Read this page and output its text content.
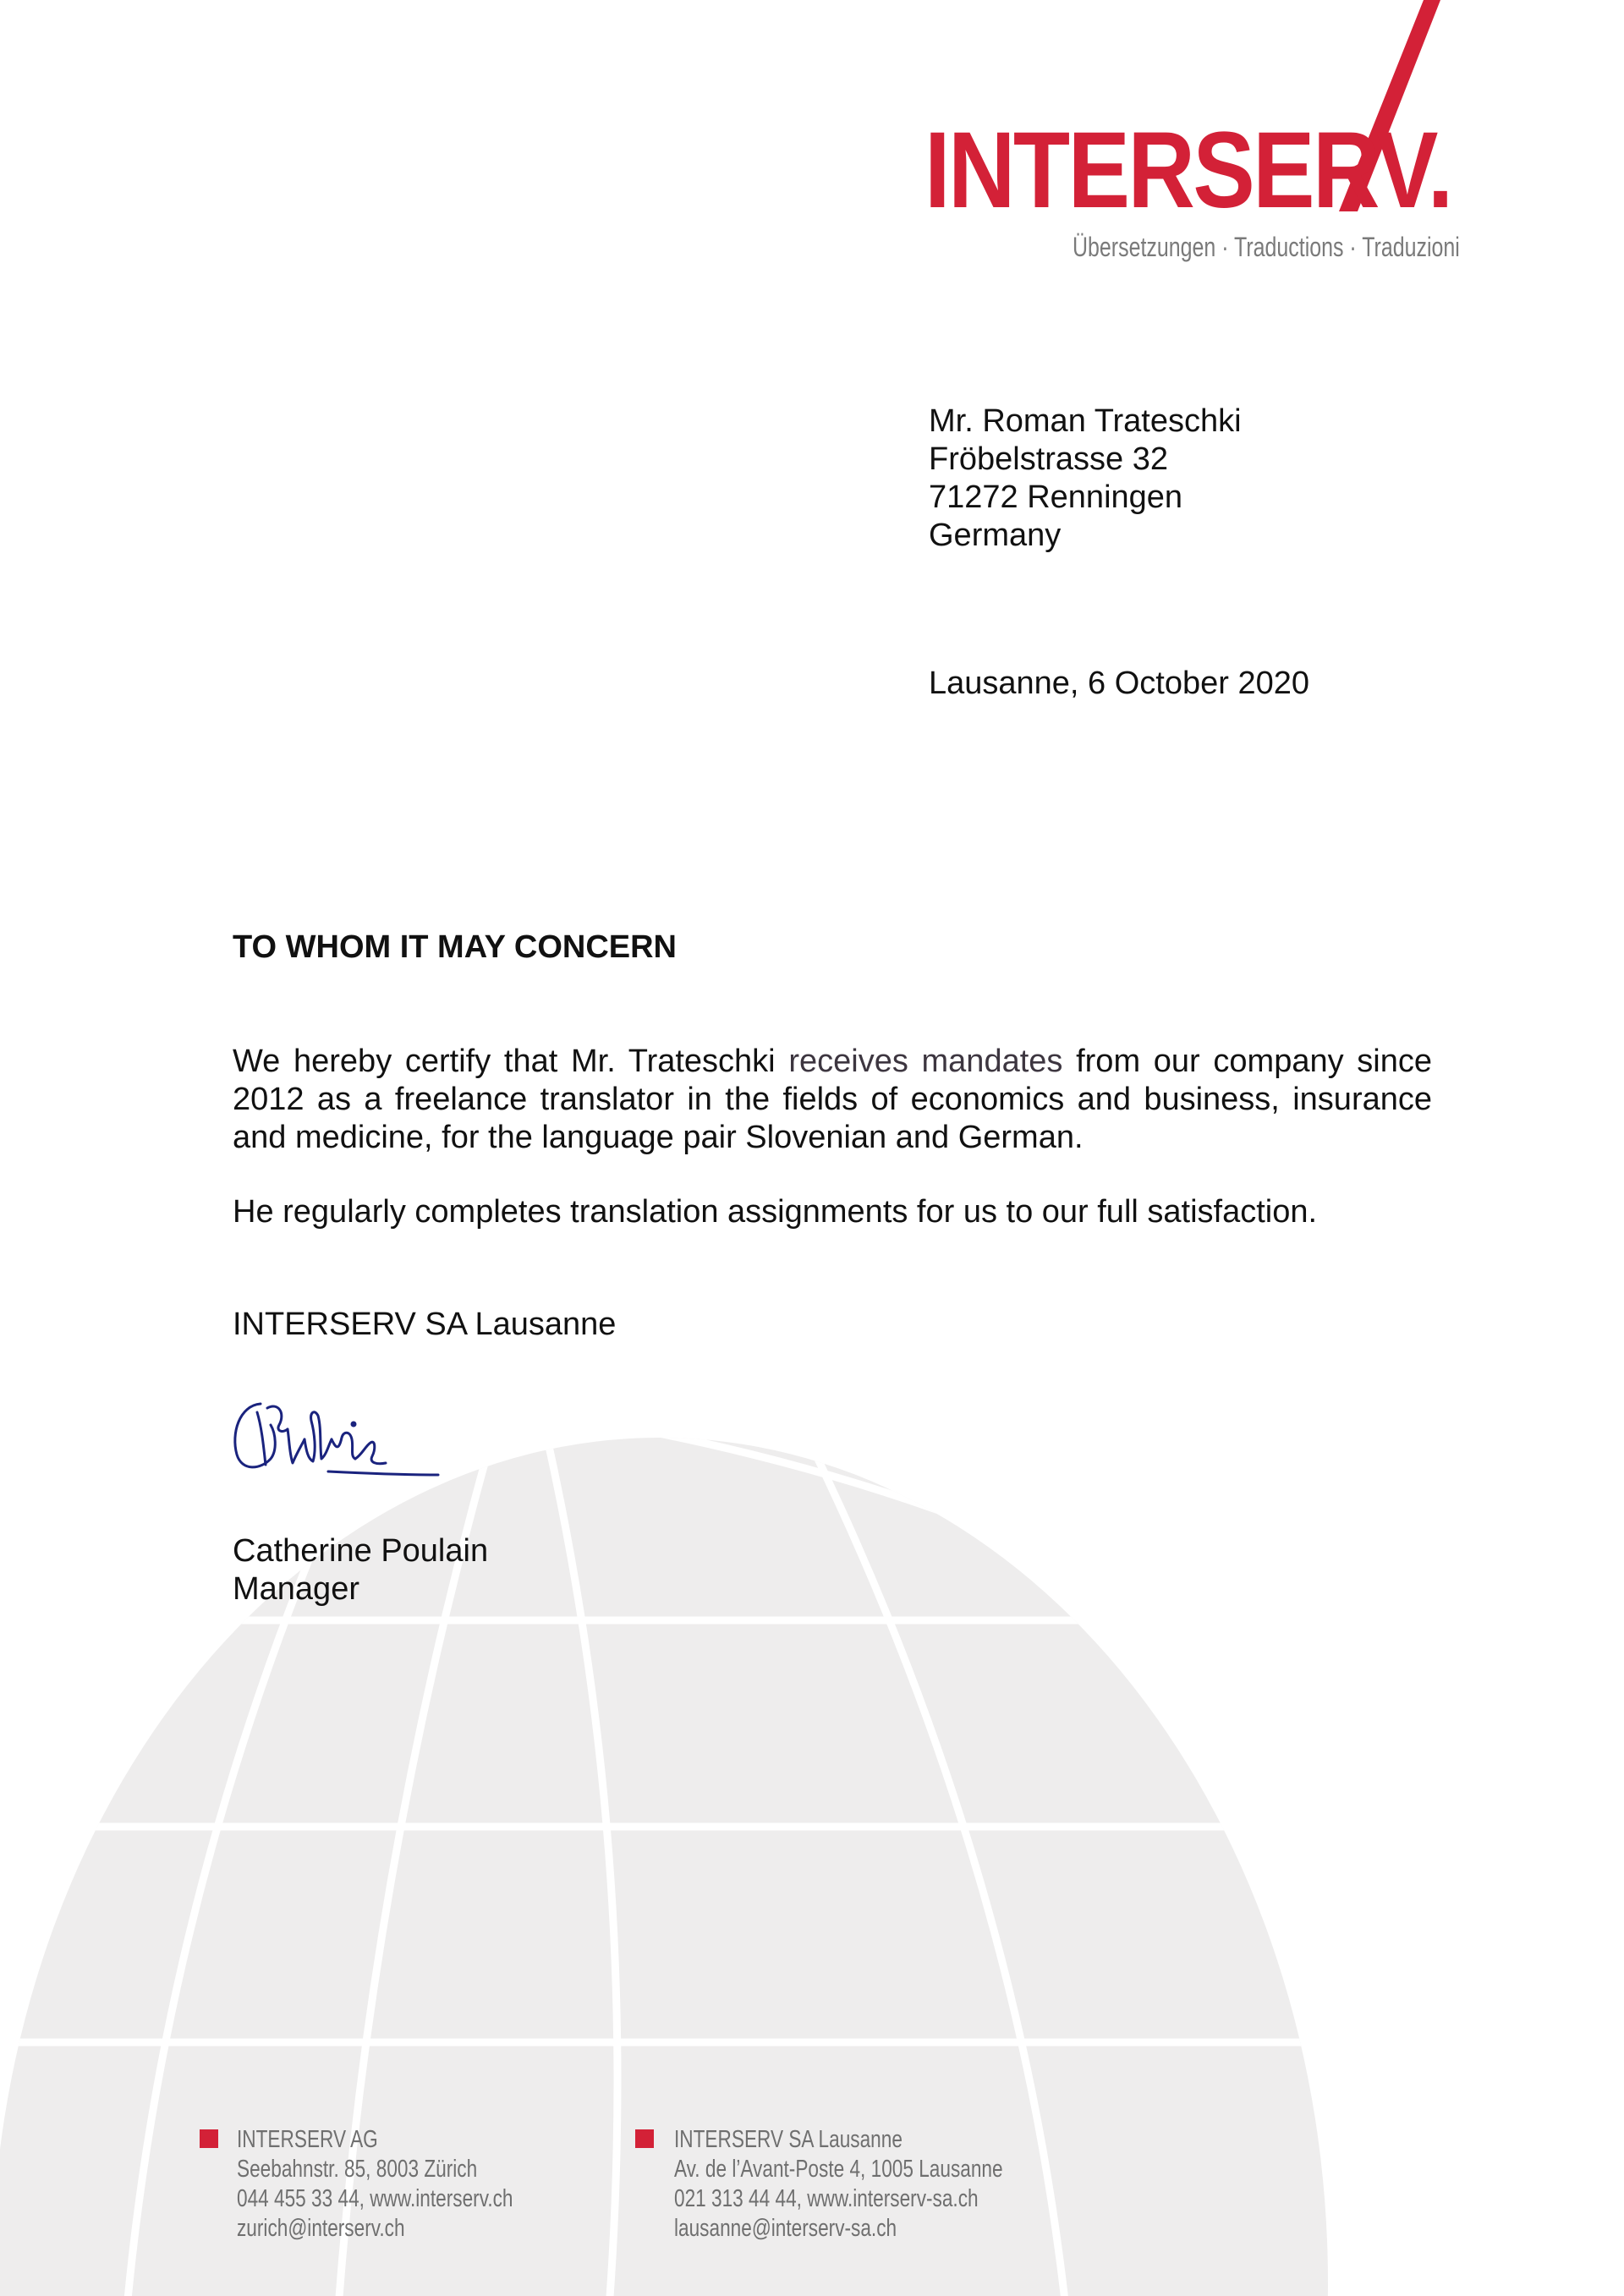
INTERSERV.
Übersetzungen · Traductions · Traduzioni
Mr. Roman Trateschki
Fröbelstrasse 32
71272 Renningen
Germany
Lausanne, 6 October 2020
TO WHOM IT MAY CONCERN
We hereby certify that Mr. Trateschki receives mandates from our company since 2012 as a freelance translator in the fields of economics and business, insurance and medicine, for the language pair Slovenian and German.
He regularly completes translation assignments for us to our full satisfaction.
INTERSERV SA Lausanne
Catherine Poulain
Manager
INTERSERV AG
Seebahnstr. 85, 8003 Zürich
044 455 33 44, www.interserv.ch
zurich@interserv.ch
INTERSERV SA Lausanne
Av. de l’Avant-Poste 4, 1005 Lausanne
021 313 44 44, www.interserv-sa.ch
lausanne@interserv-sa.ch
